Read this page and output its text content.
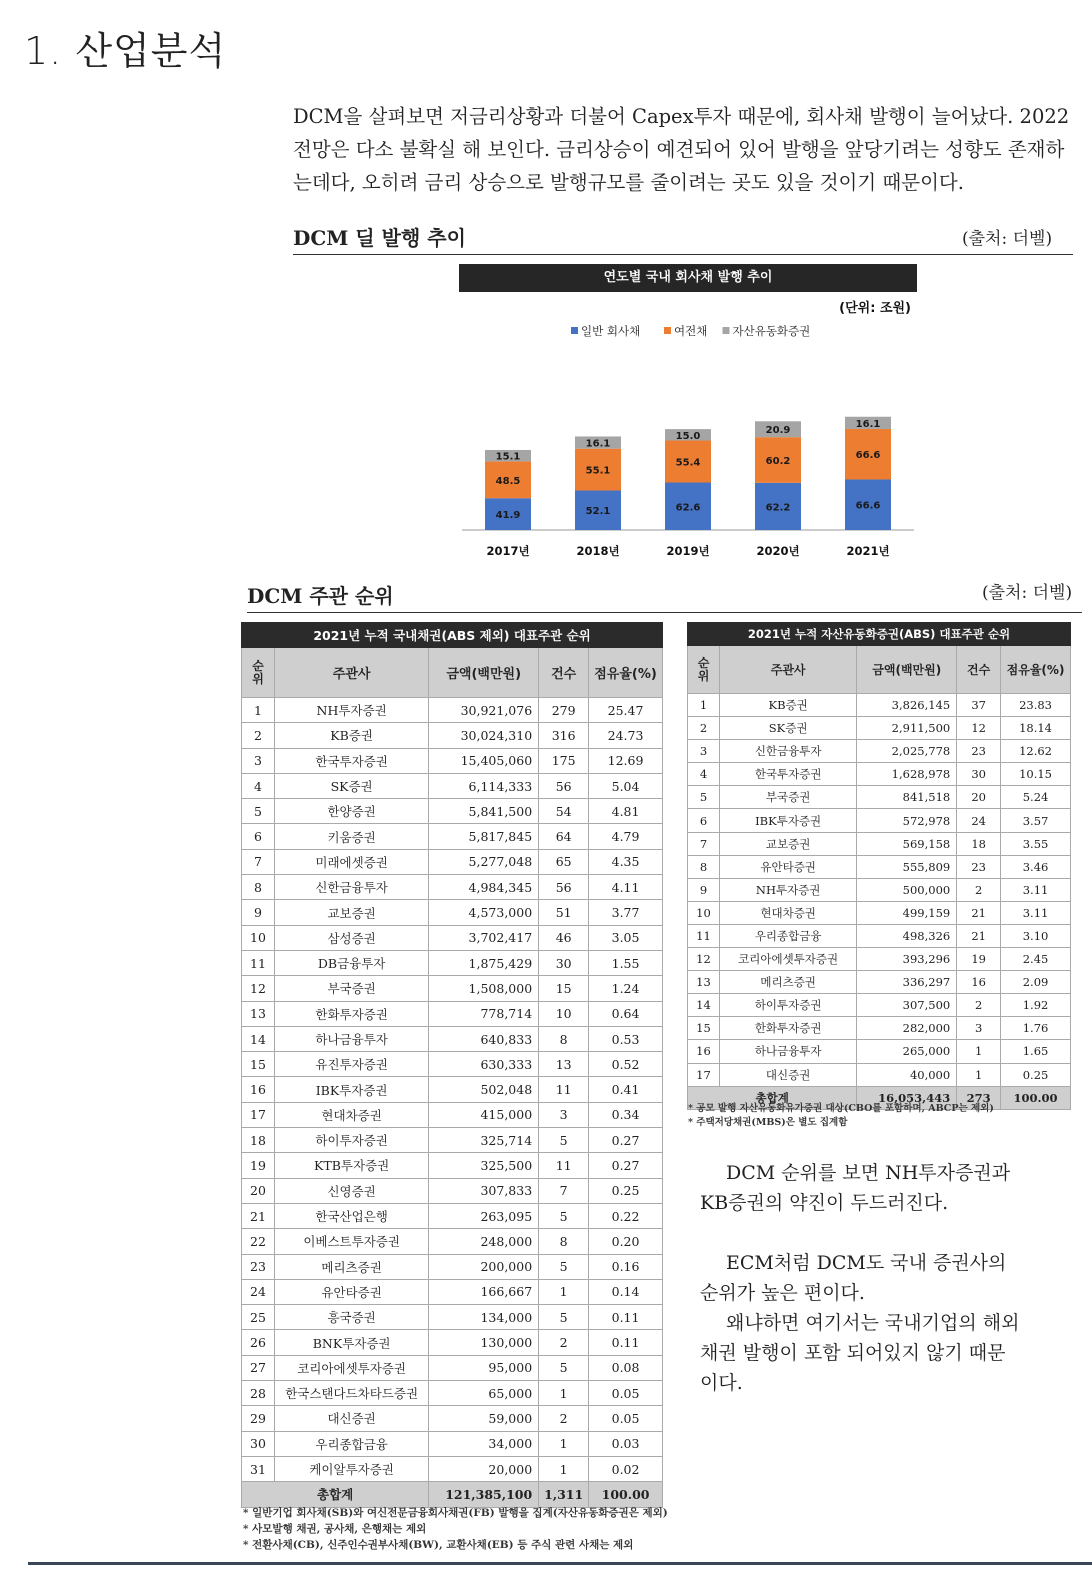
1. 산업분석
DCM을 살펴보면 저금리상황과 더불어 Capex투자 때문에, 회사채 발행이 늘어났다. 2022전망은 다소 불확실 해 보인다. 금리상승이 예견되어 있어 발행을 앞당기려는 성향도 존재하는데다, 오히려 금리 상승으로 발행규모를 줄이려는 곳도 있을 것이기 때문이다.
DCM 딜 발행 추이	(출처: 더벨)
연도별 국내 회사채 발행 추이
(단위: 조원)
일반 회사채	여전채 자산유동화증권
41.9
48.5
15.1
2017년
52.1
55.1
16.1
2018년
62.6
55.4
15.0
2019년
62.2
60.2
20.9
2020년
66.6
66.6
16.1
2021년
DCM 주관 순위	(출처: 더벨)
2021년 누적 국내채권(ABS 제외) 대표주관 순위				
순위	주관사	금액(백만원)	건수	점유율(%)
1	NH투자증권	30,921,076	279	25.47
2	KB증권	30,024,310	316	24.73
3	한국투자증권	15,405,060	175	12.69
4	SK증권	6,114,333	56	5.04
5	한양증권	5,841,500	54	4.81
6	키움증권	5,817,845	64	4.79
7	미래에셋증권	5,277,048	65	4.35
8	신한금융투자	4,984,345	56	4.11
9	교보증권	4,573,000	51	3.77
10	삼성증권	3,702,417	46	3.05
11	DB금융투자	1,875,429	30	1.55
12	부국증권	1,508,000	15	1.24
13	한화투자증권	778,714	10	0.64
14	하나금융투자	640,833	8	0.53
15	유진투자증권	630,333	13	0.52
16	IBK투자증권	502,048	11	0.41
17	현대차증권	415,000	3	0.34
18	하이투자증권	325,714	5	0.27
19	KTB투자증권	325,500	11	0.27
20	신영증권	307,833	7	0.25
21	한국산업은행	263,095	5	0.22
22	이베스트투자증권	248,000	8	0.20
23	메리츠증권	200,000	5	0.16
24	유안타증권	166,667	1	0.14
25	흥국증권	134,000	5	0.11
26	BNK투자증권	130,000	2	0.11
27	코리아에셋투자증권	95,000	5	0.08
28	한국스탠다드차타드증권	65,000	1	0.05
29	대신증권	59,000	2	0.05
30	우리종합금융	34,000	1	0.03
31	케이알투자증권	20,000	1	0.02
총합계		121,385,100	1,311	100.00
* 일반기업 회사채(SB)와 여신전문금융회사채권(FB) 발행을 집계(자산유동화증권은 제외)
* 사모발행 채권, 공사채, 은행채는 제외
* 전환사채(CB), 신주인수권부사채(BW), 교환사채(EB) 등 주식 관련 사채는 제외
2021년 누적 자산유동화증권(ABS) 대표주관 순위				
순위	주관사	금액(백만원)	건수	점유율(%)
1	KB증권	3,826,145	37	23.83
2	SK증권	2,911,500	12	18.14
3	신한금융투자	2,025,778	23	12.62
4	한국투자증권	1,628,978	30	10.15
5	부국증권	841,518	20	5.24
6	IBK투자증권	572,978	24	3.57
7	교보증권	569,158	18	3.55
8	유안타증권	555,809	23	3.46
9	NH투자증권	500,000	2	3.11
10	현대차증권	499,159	21	3.11
11	우리종합금융	498,326	21	3.10
12	코리아에셋투자증권	393,296	19	2.45
13	메리츠증권	336,297	16	2.09
14	하이투자증권	307,500	2	1.92
15	한화투자증권	282,000	3	1.76
16	하나금융투자	265,000	1	1.65
17	대신증권	40,000	1	0.25
총합계		16,053,443	273	100.00
* 공모 발행 자산유동화유가증권 대상(CBO를 포함하며, ABCP는 제외)
* 주택저당채권(MBS)은 별도 집계함
DCM 순위를 보면 NH투자증권과 KB증권의 약진이 두드러진다.
ECM처럼 DCM도 국내 증권사의 순위가 높은 편이다.
왜냐하면 여기서는 국내기업의 해외채권 발행이 포함 되어있지 않기 때문이다.
